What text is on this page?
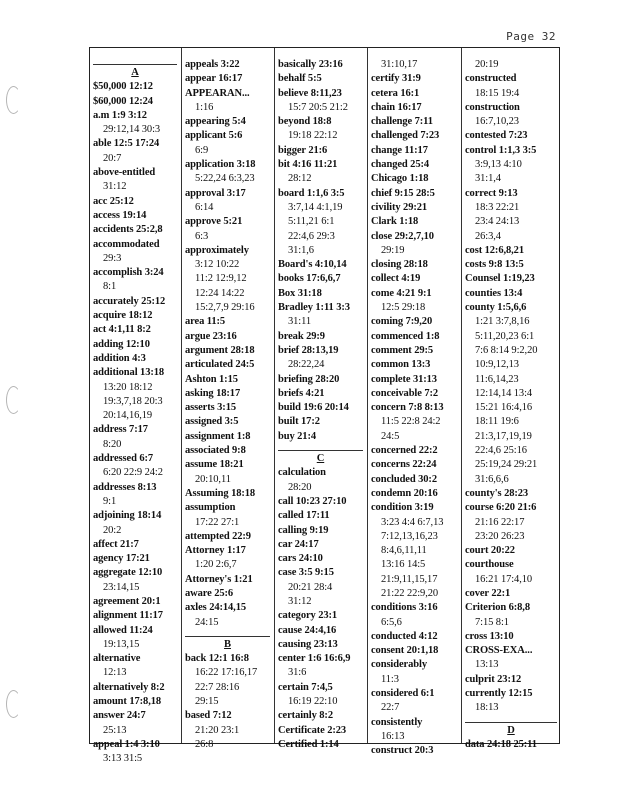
Page 32
A
$50,000 12:12
$60,000 12:24
a.m 1:9 3:12
29:12,14 30:3
able 12:5 17:24
20:7
above-entitled
31:12
acc 25:12
access 19:14
accidents 25:2,8
accommodated
29:3
accomplish 3:24
8:1
accurately 25:12
acquire 18:12
act 4:1,11 8:2
adding 12:10
addition 4:3
additional 13:18
13:20 18:12
19:3,7,18 20:3
20:14,16,19
address 7:17
8:20
addressed 6:7
6:20 22:9 24:2
addresses 8:13
9:1
adjoining 18:14
20:2
affect 21:7
agency 17:21
aggregate 12:10
23:14,15
agreement 20:1
alignment 11:17
allowed 11:24
19:13,15
alternative
12:13
alternatively 8:2
amount 17:8,18
answer 24:7
25:13
appeal 1:4 3:10
3:13 31:5
appeals 3:22
appear 16:17
APPEARAN...
1:16
appearing 5:4
applicant 5:6
6:9
application 3:18
5:22,24 6:3,23
approval 3:17
6:14
approve 5:21
6:3
approximately
3:12 10:22
11:2 12:9,12
12:24 14:22
15:2,7,9 29:16
area 11:5
argue 23:16
argument 28:18
articulated 24:5
Ashton 1:15
asking 18:17
asserts 3:15
assigned 3:5
assignment 1:8
associated 9:8
assume 18:21
20:10,11
Assuming 18:18
assumption
17:22 27:1
attempted 22:9
Attorney 1:17
1:20 2:6,7
Attorney's 1:21
aware 25:6
axles 24:14,15
24:15
B
back 12:1 16:8
16:22 17:16,17
22:7 28:16
29:15
based 7:12
21:20 23:1
26:8
basically 23:16
behalf 5:5
believe 8:11,23
15:7 20:5 21:2
beyond 18:8
19:18 22:12
bigger 21:6
bit 4:16 11:21
28:12
board 1:1,6 3:5
3:7,14 4:1,19
5:11,21 6:1
22:4,6 29:3
31:1,6
Board's 4:10,14
books 17:6,6,7
Box 31:18
Bradley 1:11 3:3
31:11
break 29:9
brief 28:13,19
28:22,24
briefing 28:20
briefs 4:21
build 19:6 20:14
built 17:2
buy 21:4
C
calculation
28:20
call 10:23 27:10
called 17:11
calling 9:19
car 24:17
cars 24:10
case 3:5 9:15
20:21 28:4
31:12
category 23:1
cause 24:4,16
causing 23:13
center 1:6 16:6,9
31:6
certain 7:4,5
16:19 22:10
certainly 8:2
Certificate 2:23
Certified 1:14
31:10,17
certify 31:9
cetera 16:1
chain 16:17
challenge 7:11
challenged 7:23
change 11:17
changed 25:4
Chicago 1:18
chief 9:15 28:5
civility 29:21
Clark 1:18
close 29:2,7,10
29:19
closing 28:18
collect 4:19
come 4:21 9:1
12:5 29:18
coming 7:9,20
commenced 1:8
comment 29:5
common 13:3
complete 31:13
conceivable 7:2
concern 7:8 8:13
11:5 22:8 24:2
24:5
concerned 22:2
concerns 22:24
concluded 30:2
condemn 20:16
condition 3:19
3:23 4:4 6:7,13
7:12,13,16,23
8:4,6,11,11
13:16 14:5
21:9,11,15,17
21:22 22:9,20
conditions 3:16
6:5,6
conducted 4:12
consent 20:1,18
considerably
11:3
considered 6:1
22:7
consistently
16:13
construct 20:3
20:19
constructed
18:15 19:4
construction
16:7,10,23
contested 7:23
control 1:1,3 3:5
3:9,13 4:10
31:1,4
correct 9:13
18:3 22:21
23:4 24:13
26:3,4
cost 12:6,8,21
costs 9:8 13:5
Counsel 1:19,23
counties 13:4
county 1:5,6,6
1:21 3:7,8,16
5:11,20,23 6:1
7:6 8:14 9:2,20
10:9,12,13
11:6,14,23
12:14,14 13:4
15:21 16:4,16
18:11 19:6
21:3,17,19,19
22:4,6 25:16
25:19,24 29:21
31:6,6,6
county's 28:23
course 6:20 21:6
21:16 22:17
23:20 26:23
court 20:22
courthouse
16:21 17:4,10
cover 22:1
Criterion 6:8,8
7:15 8:1
cross 13:10
CROSS-EXA...
13:13
culprit 23:12
currently 12:15
18:13
D
data 24:18 25:11
